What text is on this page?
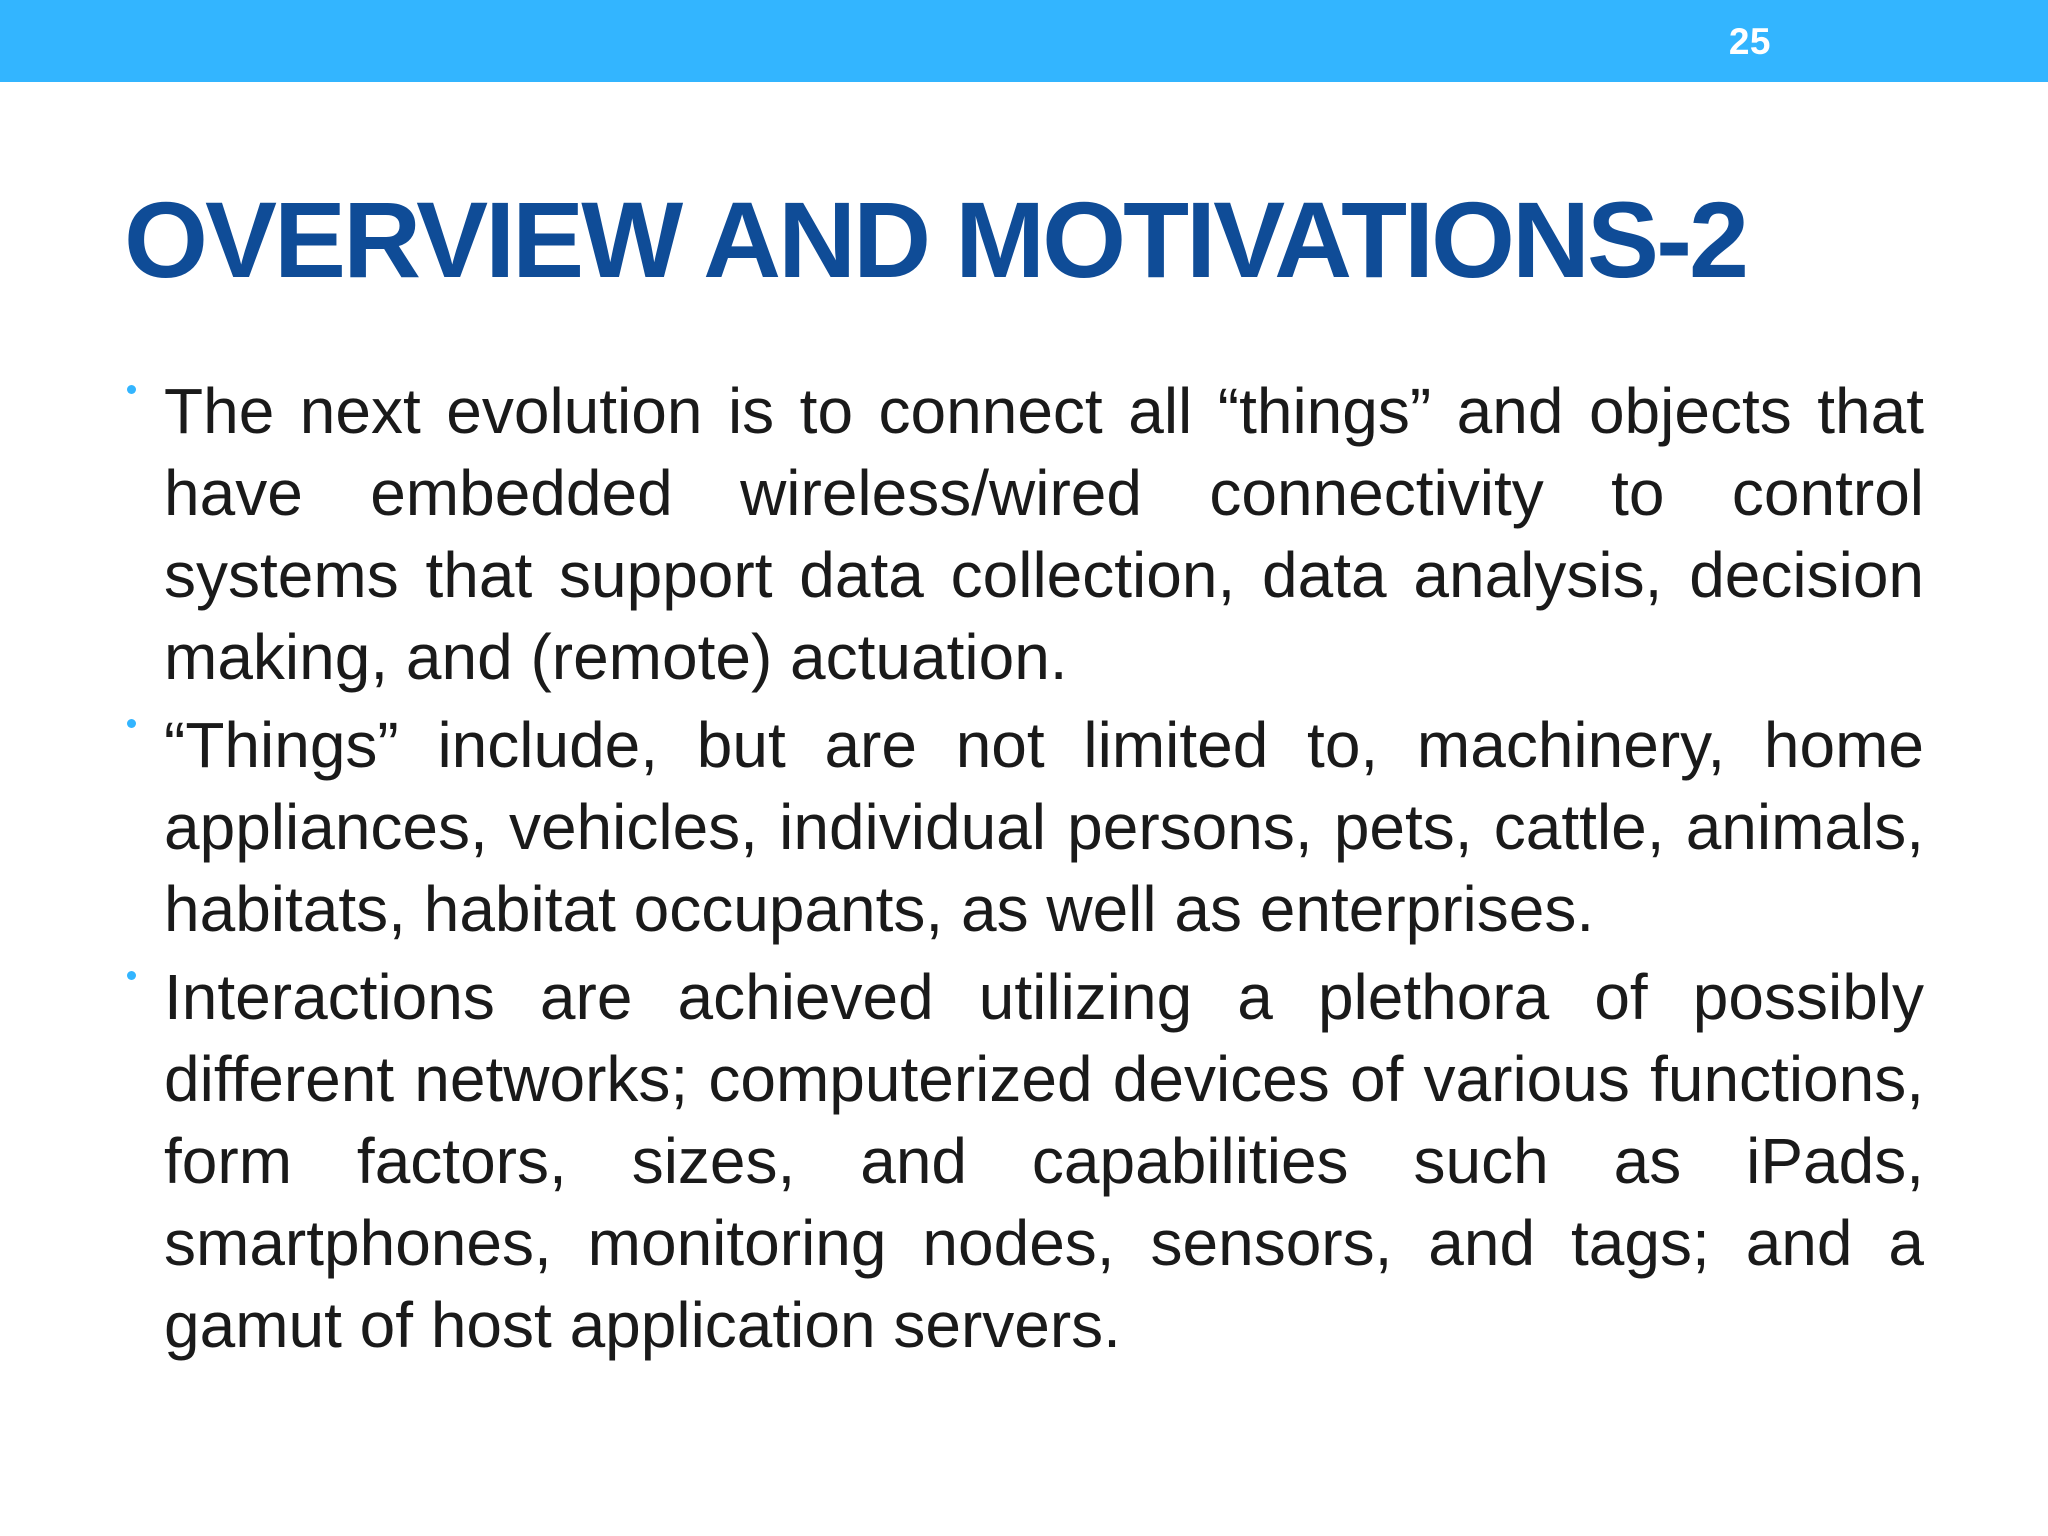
25
OVERVIEW AND MOTIVATIONS-2
The next evolution is to connect all “things” and objects that have embedded wireless/wired connectivity to control systems that support data collection, data analysis, decision making, and (remote) actuation.
“Things” include, but are not limited to, machinery, home appliances, vehicles, individual persons, pets, cattle, animals, habitats, habitat occupants, as well as enterprises.
Interactions are achieved utilizing a plethora of possibly different networks; computerized devices of various functions, form factors, sizes, and capabilities such as iPads, smartphones, monitoring nodes, sensors, and tags; and a gamut of host application servers.
